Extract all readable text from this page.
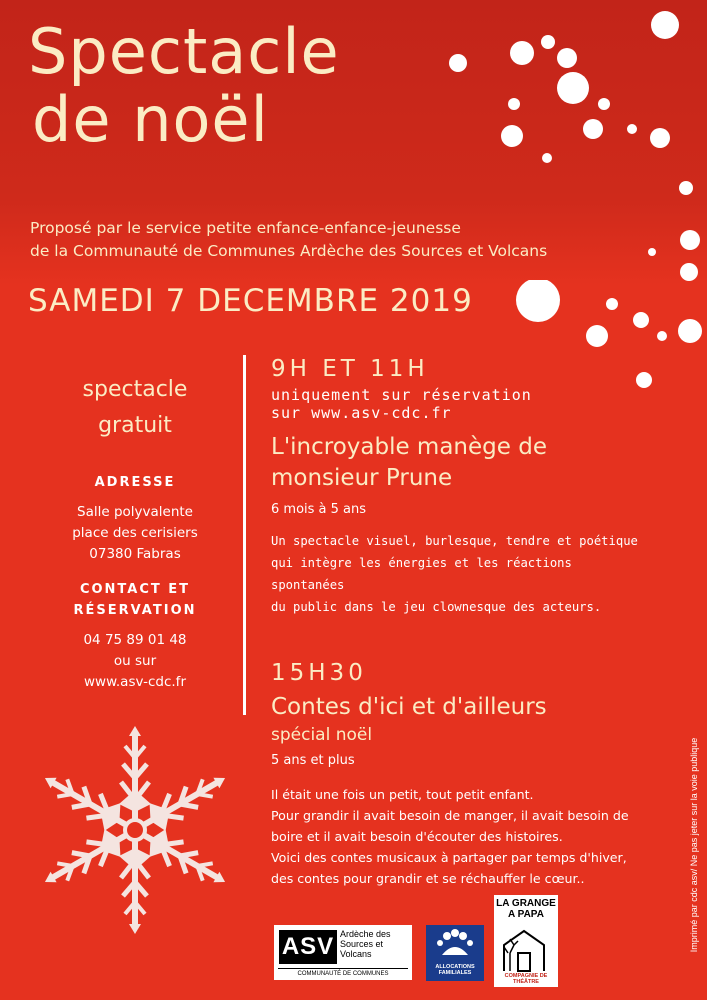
Spectacle
de noël
Proposé par le service petite enfance-enfance-jeunesse
de la Communauté de Communes Ardèche des Sources et Volcans
SAMEDI 7 DECEMBRE 2019
spectacle
gratuit
ADRESSE
Salle polyvalente
place des cerisiers
07380 Fabras
CONTACT ET
RÉSERVATION
04 75 89 01 48
ou sur
www.asv-cdc.fr
9H ET 11H
uniquement sur réservation
sur www.asv-cdc.fr
L'incroyable manège de
monsieur Prune
6 mois à 5 ans
Un spectacle visuel, burlesque, tendre et poétique
qui intègre les énergies et les réactions spontanées
du public dans le jeu clownesque des acteurs.
15H30
Contes d'ici et d'ailleurs
spécial noël
5 ans et plus
Il était une fois un petit, tout petit enfant.
Pour grandir il avait besoin de manger, il avait besoin de
boire et il avait besoin d'écouter des histoires.
Voici des contes musicaux à partager par temps d'hiver,
des contes pour grandir et se réchauffer le cœur..
ASV Ardèche des
Sources et
Volcans
COMMUNAUTÉ DE COMMUNES
ALLOCATIONS
FAMILIALES
LA GRANGE
A PAPA
COMPAGNIE DE THÉÂTRE
Imprimé par cdc asv/ Ne pas jeter sur la voie publique
